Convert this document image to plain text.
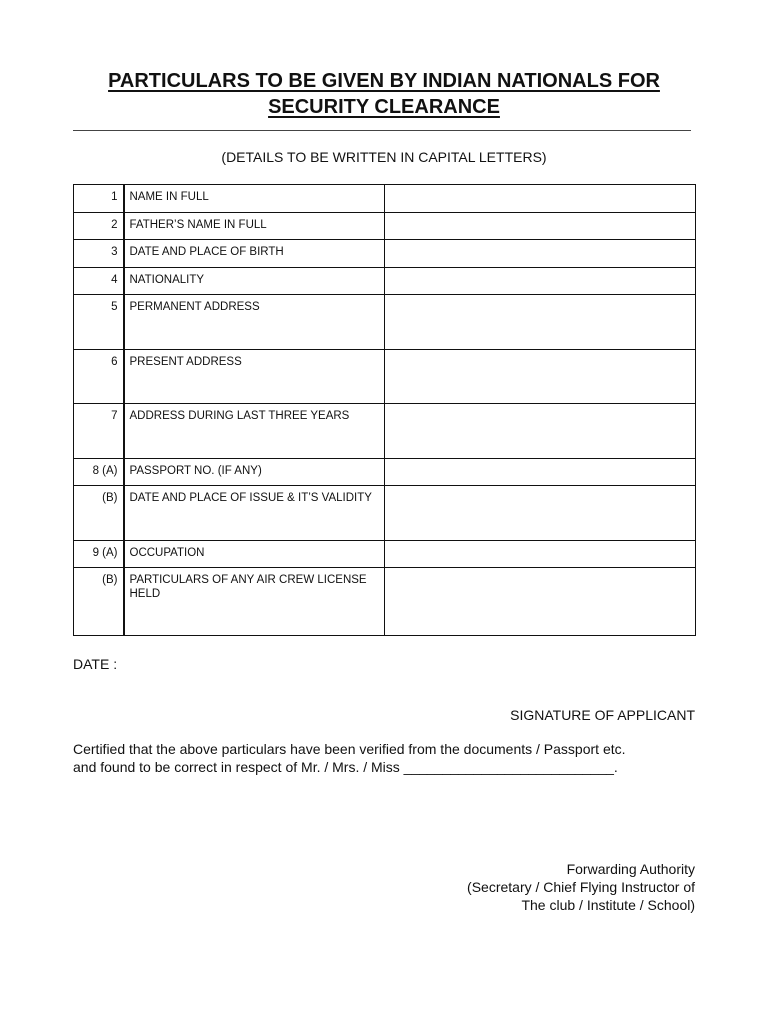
PARTICULARS TO BE GIVEN BY INDIAN NATIONALS FOR
SECURITY CLEARANCE
(DETAILS TO BE WRITTEN IN CAPITAL LETTERS)
1	NAME IN FULL	
2	FATHER’S NAME IN FULL	
3	DATE AND PLACE OF BIRTH	
4	NATIONALITY	
5	PERMANENT ADDRESS	
6	PRESENT ADDRESS	
7	ADDRESS DURING LAST THREE YEARS	
8 (A)	PASSPORT NO. (IF ANY)	
(B)	DATE AND PLACE OF ISSUE & IT’S VALIDITY	
9 (A)	OCCUPATION	
(B)	PARTICULARS OF ANY AIR CREW LICENSE HELD	
DATE :
SIGNATURE OF APPLICANT
Certified that the above particulars have been verified from the documents / Passport etc.
and found to be correct in respect of Mr. / Mrs. / Miss ___________________________.
Forwarding Authority
(Secretary / Chief Flying Instructor of
The club / Institute / School)
